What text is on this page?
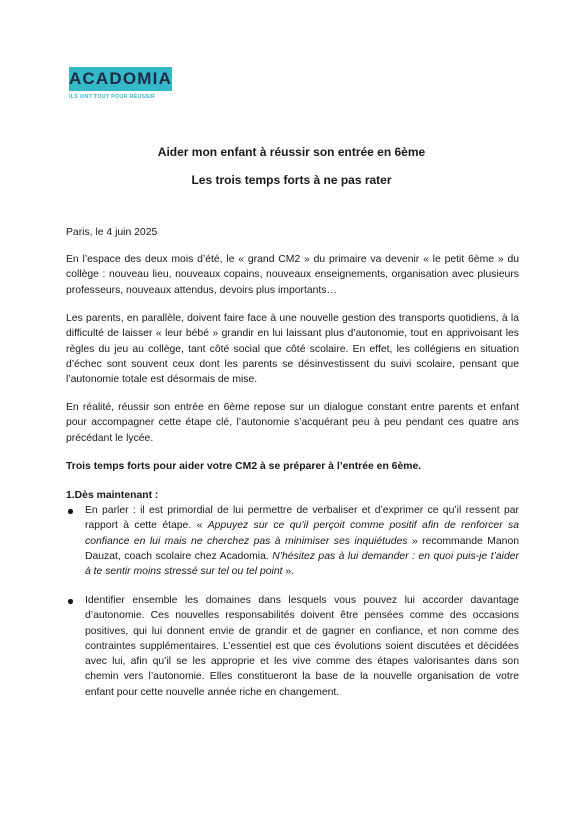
ACADOMIA
ILS ONT TOUT POUR RÉUSSIR
Aider mon enfant à réussir son entrée en 6ème
Les trois temps forts à ne pas rater

Paris, le 4 juin 2025

En l’espace des deux mois d’été, le « grand CM2 » du primaire va devenir « le petit 6ème » du collège : nouveau lieu, nouveaux copains, nouveaux enseignements, organisation avec plusieurs professeurs, nouveaux attendus, devoirs plus importants…

Les parents, en parallèle, doivent faire face à une nouvelle gestion des transports quotidiens, à la difficulté de laisser « leur bébé » grandir en lui laissant plus d’autonomie, tout en apprivoisant les règles du jeu au collège, tant côté social que côté scolaire. En effet, les collégiens en situation d’échec sont souvent ceux dont les parents se désinvestissent du suivi scolaire, pensant que l’autonomie totale est désormais de mise.

En réalité, réussir son entrée en 6ème repose sur un dialogue constant entre parents et enfant pour accompagner cette étape clé, l’autonomie s’acquérant peu à peu pendant ces quatre ans précédant le lycée.

Trois temps forts pour aider votre CM2 à se préparer à l’entrée en 6ème.

1.Dès maintenant :

En parler : il est primordial de lui permettre de verbaliser et d’exprimer ce qu’il ressent par rapport à cette étape. « Appuyez sur ce qu’il perçoit comme positif afin de renforcer sa confiance en lui mais ne cherchez pas à minimiser ses inquiétudes » recommande Manon Dauzat, coach scolaire chez Acadomia. N’hésitez pas à lui demander : en quoi puis-je t’aider à te sentir moins stressé sur tel ou tel point ».
Identifier ensemble les domaines dans lesquels vous pouvez lui accorder davantage d’autonomie. Ces nouvelles responsabilités doivent être pensées comme des occasions positives, qui lui donnent envie de grandir et de gagner en confiance, et non comme des contraintes supplémentaires. L’essentiel est que ces évolutions soient discutées et décidées avec lui, afin qu’il se les approprie et les vive comme des étapes valorisantes dans son chemin vers l’autonomie. Elles constitueront la base de la nouvelle organisation de votre enfant pour cette nouvelle année riche en changement.
